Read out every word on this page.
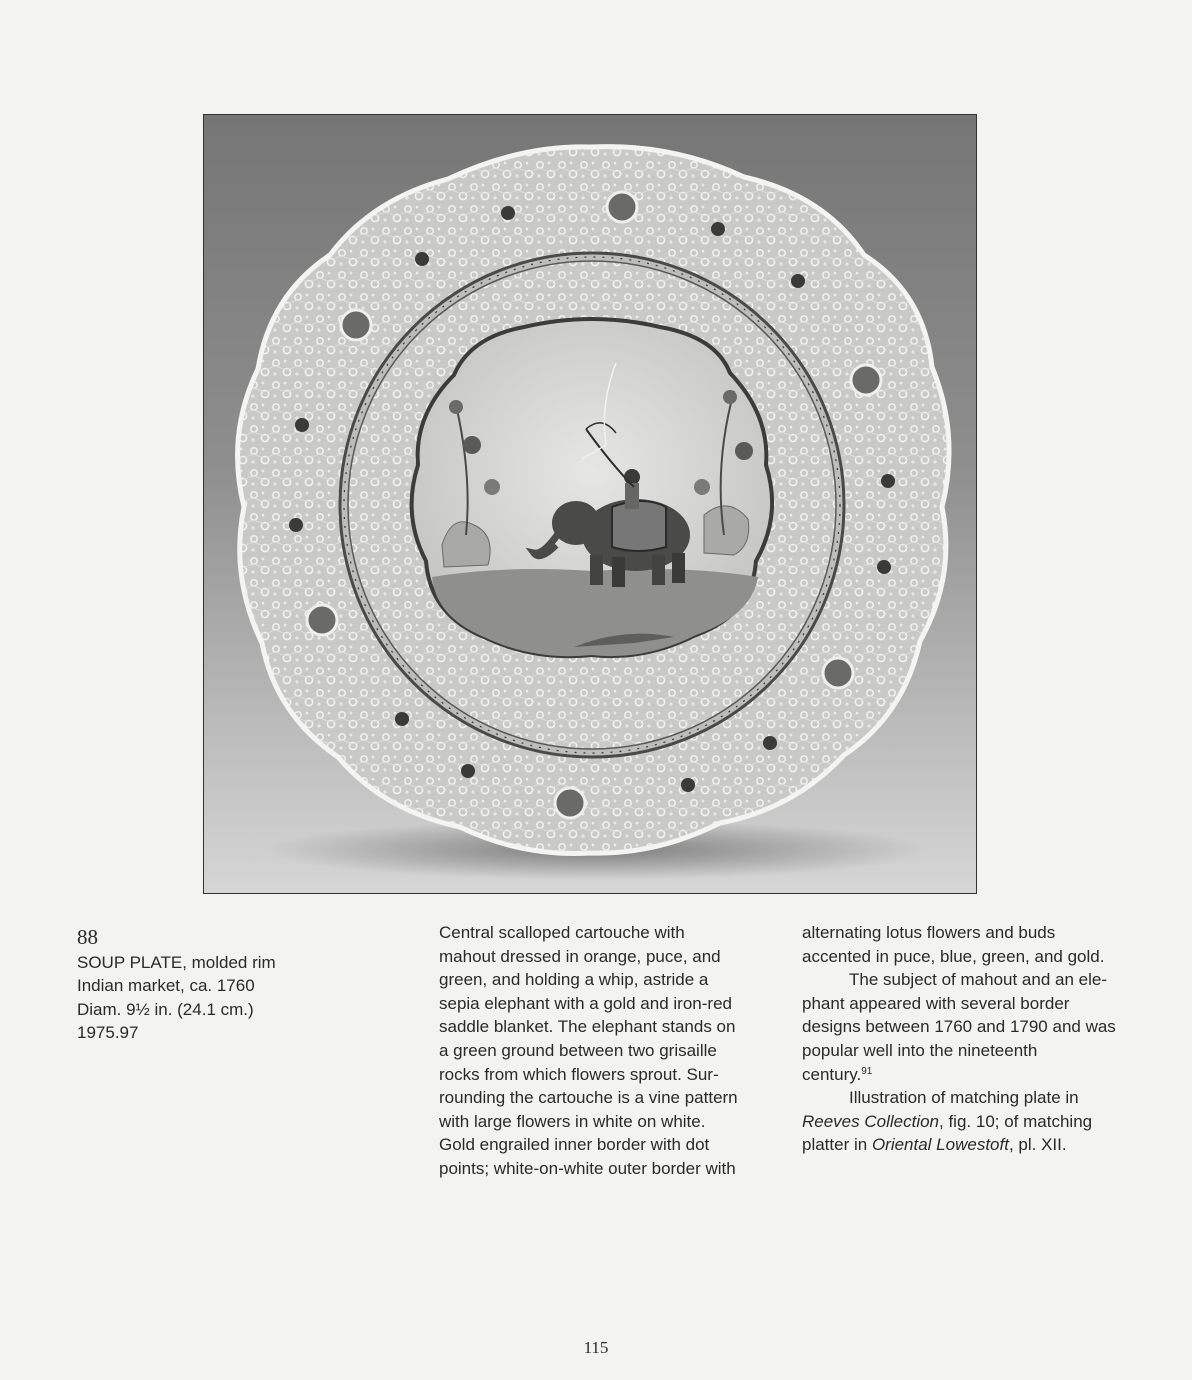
88
SOUP PLATE, molded rim
Indian market, ca. 1760
Diam. 9½ in. (24.1 cm.)
1975.97
Central scalloped cartouche with
mahout dressed in orange, puce, and
green, and holding a whip, astride a
sepia elephant with a gold and iron-red
saddle blanket. The elephant stands on
a green ground between two grisaille
rocks from which flowers sprout. Sur-
rounding the cartouche is a vine pattern
with large flowers in white on white.
Gold engrailed inner border with dot
points; white-on-white outer border with

alternating lotus flowers and buds
accented in puce, blue, green, and gold.

The subject of mahout and an ele-
phant appeared with several border
designs between 1760 and 1790 and was
popular well into the nineteenth
century.$^{91}$

Illustration of matching plate in
Reeves Collection, fig. 10; of matching
platter in Oriental Lowestoft, pl. XII.

115
